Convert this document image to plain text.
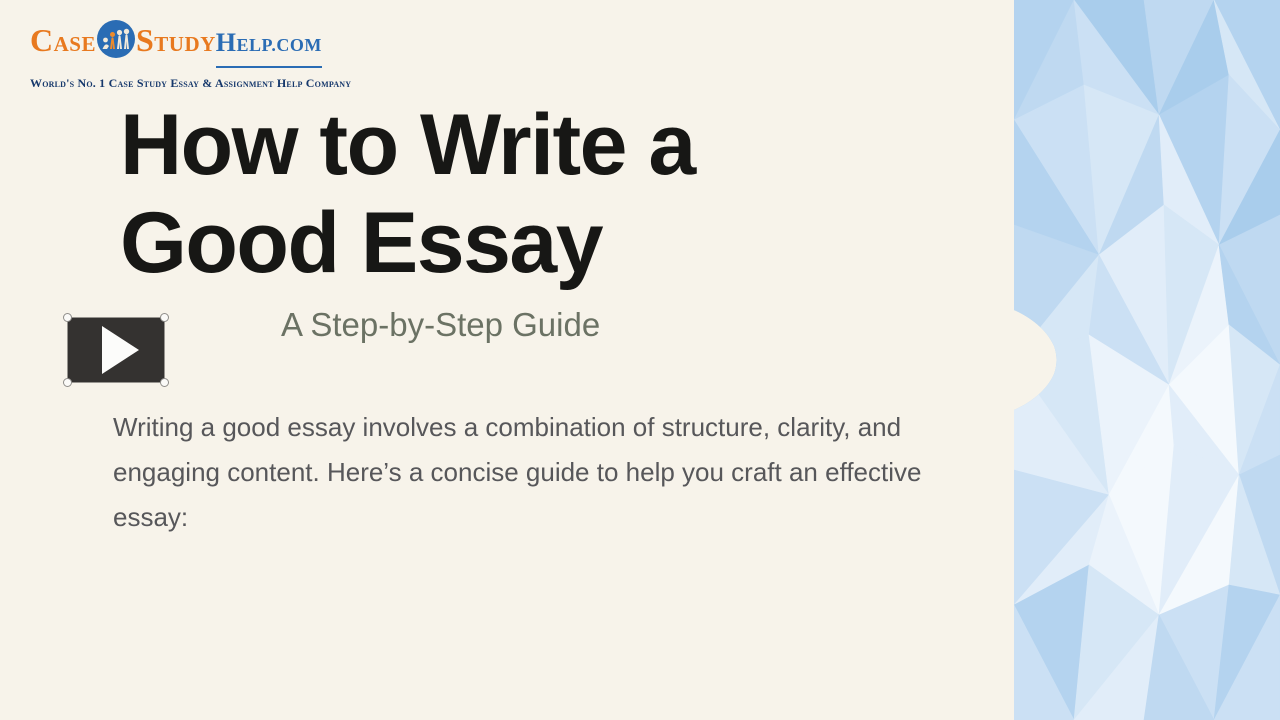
CASE STUDYHELP.COM
World's No. 1 Case Study Essay & Assignment Help Company
How to Write a
Good Essay
A Step-by-Step Guide

Writing a good essay involves a combination of structure, clarity, and engaging content. Here’s a concise guide to help you craft an effective essay:
